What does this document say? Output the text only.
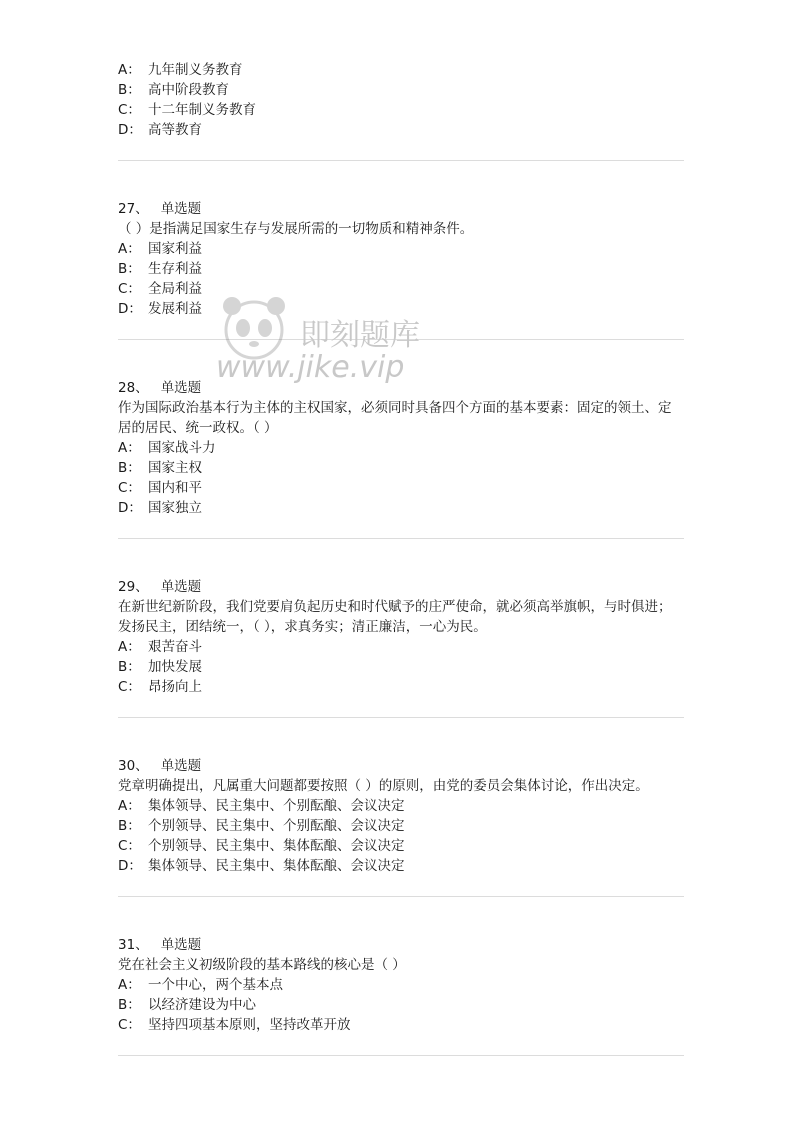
A： 九年制义务教育
B： 高中阶段教育
C： 十二年制义务教育
D： 高等教育
27、 单选题
（ ）是指满足国家生存与发展所需的一切物质和精神条件。
A： 国家利益
B： 生存利益
C： 全局利益
D： 发展利益
28、 单选题
作为国际政治基本行为主体的主权国家，必须同时具备四个方面的基本要素：固定的领土、定居的居民、统一政权。（ ）
A： 国家战斗力
B： 国家主权
C： 国内和平
D： 国家独立
29、 单选题
在新世纪新阶段，我们党要肩负起历史和时代赋予的庄严使命，就必须高举旗帜，与时俱进；发扬民主，团结统一，（ ），求真务实；清正廉洁，一心为民。
A： 艰苦奋斗
B： 加快发展
C： 昂扬向上
30、 单选题
党章明确提出，凡属重大问题都要按照（ ）的原则，由党的委员会集体讨论，作出决定。
A： 集体领导、民主集中、个别酝酿、会议决定
B： 个别领导、民主集中、个别酝酿、会议决定
C： 个别领导、民主集中、集体酝酿、会议决定
D： 集体领导、民主集中、集体酝酿、会议决定
31、 单选题
党在社会主义初级阶段的基本路线的核心是（ ）
A： 一个中心，两个基本点
B： 以经济建设为中心
C： 坚持四项基本原则，坚持改革开放
即刻题库
www.jike.vip
